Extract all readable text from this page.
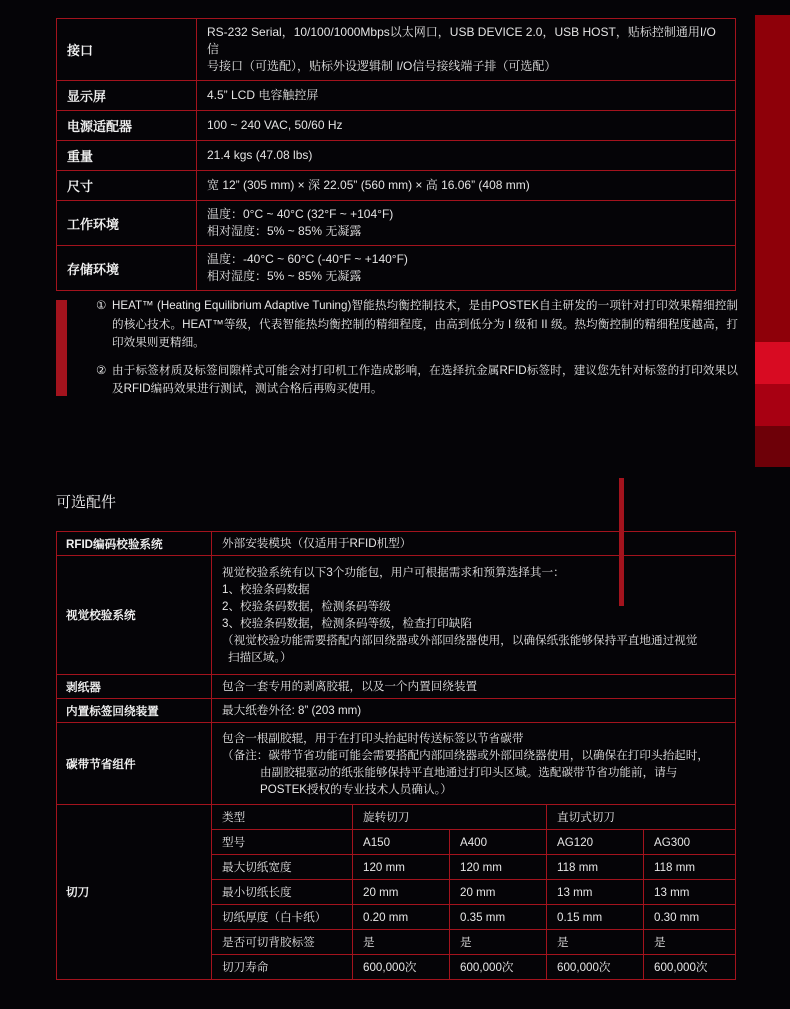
接口	RS-232 Serial，10/100/1000Mbps以太网口，USB DEVICE 2.0，USB HOST，贴标控制通用I/O信
号接口（可选配），贴标外设逻辑制 I/O信号接线端子排（可选配）

显示屏	4.5” LCD 电容触控屏
电源适配器	100 ~ 240 VAC, 50/60 Hz
重量	21.4 kgs (47.08 lbs)
尺寸	宽 12” (305 mm) × 深 22.05” (560 mm) × 高 16.06” (408 mm)
工作环境	温度：0°C ~ 40°C (32°F ~ +104°F)
相对湿度：5% ~ 85% 无凝露

存储环境	温度：-40°C ~ 60°C (-40°F ~ +140°F)
相对湿度：5% ~ 85% 无凝露
① HEAT™ (Heating Equilibrium Adaptive Tuning)智能热均衡控制技术，是由POSTEK自主研发的一项针对打印效果精细控制的核心技术。HEAT™等级，代表智能热均衡控制的精细程度，由高到低分为 I 级和 II 级。热均衡控制的精细程度越高，打印效果则更精细。
② 由于标签材质及标签间隙样式可能会对打印机工作造成影响，在选择抗金属RFID标签时，建议您先针对标签的打印效果以及RFID编码效果进行测试，测试合格后再购买使用。
可选配件
RFID编码校验系统	外部安装模块（仅适用于RFID机型）
视觉校验系统	
视觉校验系统有以下3个功能包，用户可根据需求和预算选择其一：
1、校验条码数据
2、校验条码数据，检测条码等级
3、校验条码数据，检测条码等级，检查打印缺陷
（视觉校验功能需要搭配内部回绕器或外部回绕器使用，以确保纸张能够保持平直地通过视觉
扫描区域。）

剥纸器	包含一套专用的剥离胶辊，以及一个内置回绕装置
内置标签回绕装置	最大纸卷外径: 8” (203 mm)
碳带节省组件	
包含一根副胶辊，用于在打印头抬起时传送标签以节省碳带
（备注：碳带节省功能可能会需要搭配内部回绕器或外部回绕器使用，以确保在打印头抬起时，
由副胶辊驱动的纸张能够保持平直地通过打印头区域。选配碳带节省功能前，请与
POSTEK授权的专业技术人员确认。）

切刀	
类型	旋转切刀	直切式切刀
型号	A150	A400	AG120	AG300
最大切纸宽度	120 mm	120 mm	118 mm	118 mm
最小切纸长度	20 mm	20 mm	13 mm	13 mm
切纸厚度（白卡纸）	0.20 mm	0.35 mm	0.15 mm	0.30 mm
是否可切背胶标签	是	是	是	是
切刀寿命	600,000次	600,000次	600,000次	600,000次
